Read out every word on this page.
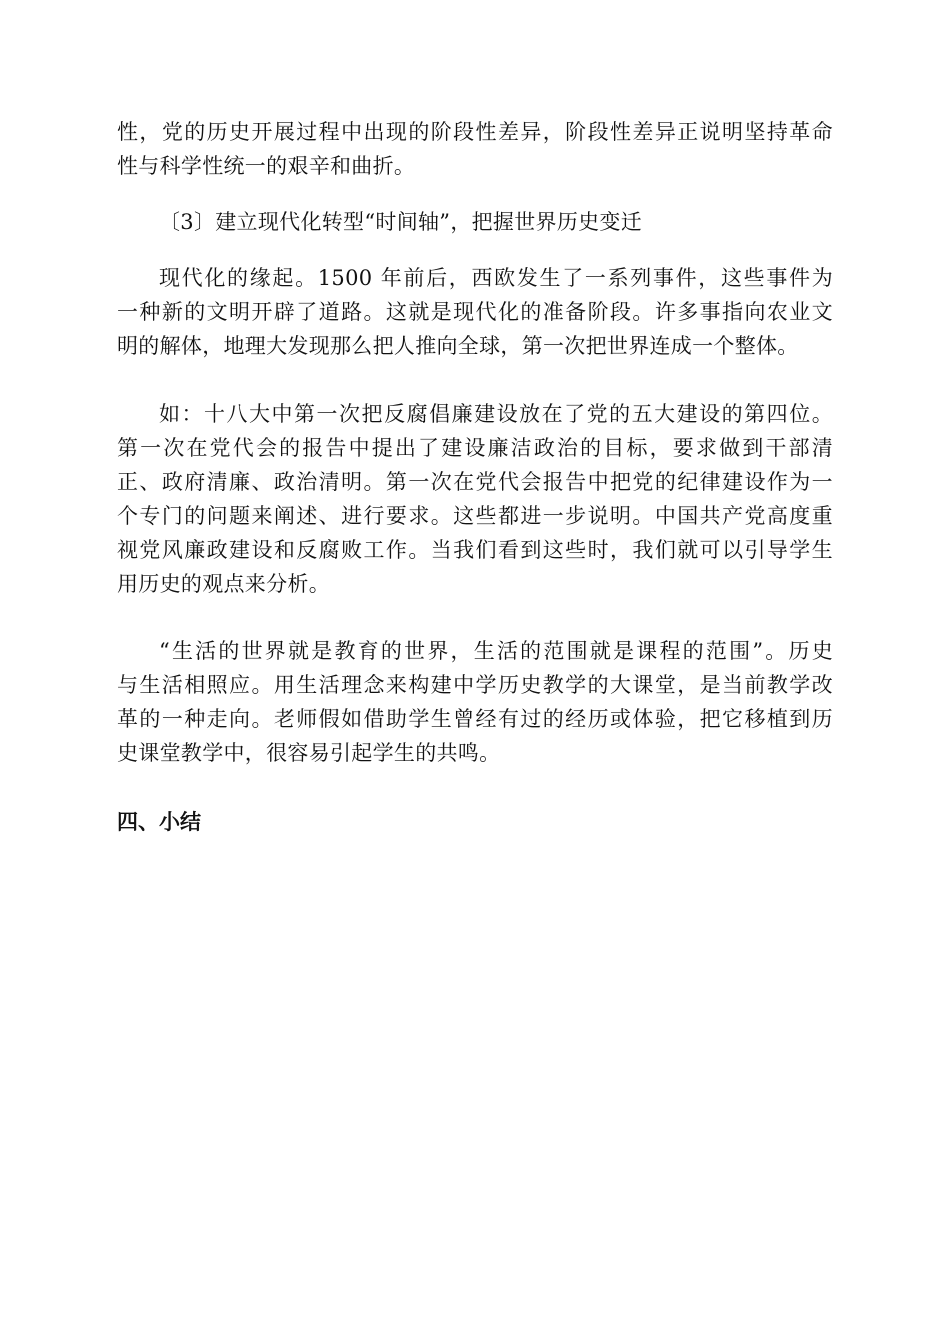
性，党的历史开展过程中出现的阶段性差异，阶段性差异正说明坚持革命
性与科学性统一的艰辛和曲折。
〔3〕建立现代化转型“时间轴”，把握世界历史变迁
现代化的缘起。1500 年前后，西欧发生了一系列事件，这些事件为
一种新的文明开辟了道路。这就是现代化的准备阶段。许多事指向农业文
明的解体，地理大发现那么把人推向全球，第一次把世界连成一个整体。
如：十八大中第一次把反腐倡廉建设放在了党的五大建设的第四位。
第一次在党代会的报告中提出了建设廉洁政治的目标，要求做到干部清
正、政府清廉、政治清明。第一次在党代会报告中把党的纪律建设作为一
个专门的问题来阐述、进行要求。这些都进一步说明。中国共产党高度重
视党风廉政建设和反腐败工作。当我们看到这些时，我们就可以引导学生
用历史的观点来分析。
“生活的世界就是教育的世界，生活的范围就是课程的范围”。历史
与生活相照应。用生活理念来构建中学历史教学的大课堂，是当前教学改
革的一种走向。老师假如借助学生曾经有过的经历或体验，把它移植到历
史课堂教学中，很容易引起学生的共鸣。
四、小结
